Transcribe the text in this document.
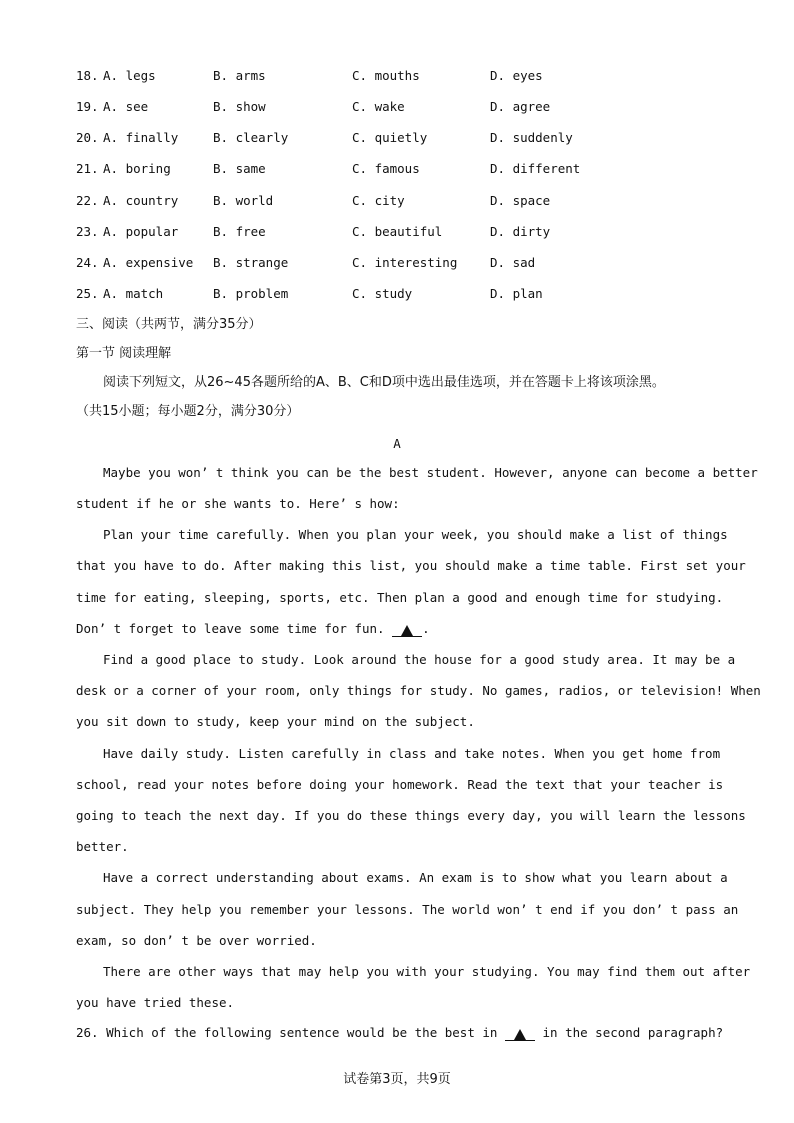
18. A. legs	B. arms	C. mouths	D. eyes
19. A. see	B. show	C. wake	D. agree
20. A. finally	B. clearly	C. quietly	D. suddenly
21. A. boring	B. same	C. famous	D. different
22. A. country	B. world	C. city	D. space
23. A. popular	B. free	C. beautiful	D. dirty
24. A. expensive B. strange	C. interesting	D. sad
25. A. match	B. problem	C. study	D. plan
三、阅读（共两节，满分35分）
第一节 阅读理解
阅读下列短文，从26~45各题所给的A、B、C和D项中选出最佳选项，并在答题卡上将该项涂黑。
（共15小题；每小题2分，满分30分）
A
Maybe you won’ t think you can be the best student. However, anyone can become a better
student if he or she wants to. Here’ s how:
Plan your time carefully. When you plan your week, you should make a list of things
that you have to do. After making this list, you should make a time table. First set your
time for eating, sleeping, sports, etc. Then plan a good and enough time for studying.
Don’ t forget to leave some time for fun.	.
Find a good place to study. Look around the house for a good study area. It may be a
desk or a corner of your room, only things for study. No games, radios, or television! When
you sit down to study, keep your mind on the subject.
Have daily study. Listen carefully in class and take notes. When you get home from
school, read your notes before doing your homework. Read the text that your teacher is
going to teach the next day. If you do these things every day, you will learn the lessons
better.
Have a correct understanding about exams. An exam is to show what you learn about a
subject. They help you remember your lessons. The world won’ t end if you don’ t pass an
exam, so don’ t be over worried.
There are other ways that may help you with your studying. You may find them out after
you have tried these.
26. Which of the following sentence would be the best in	in the second paragraph?
试卷第3页，共9页
